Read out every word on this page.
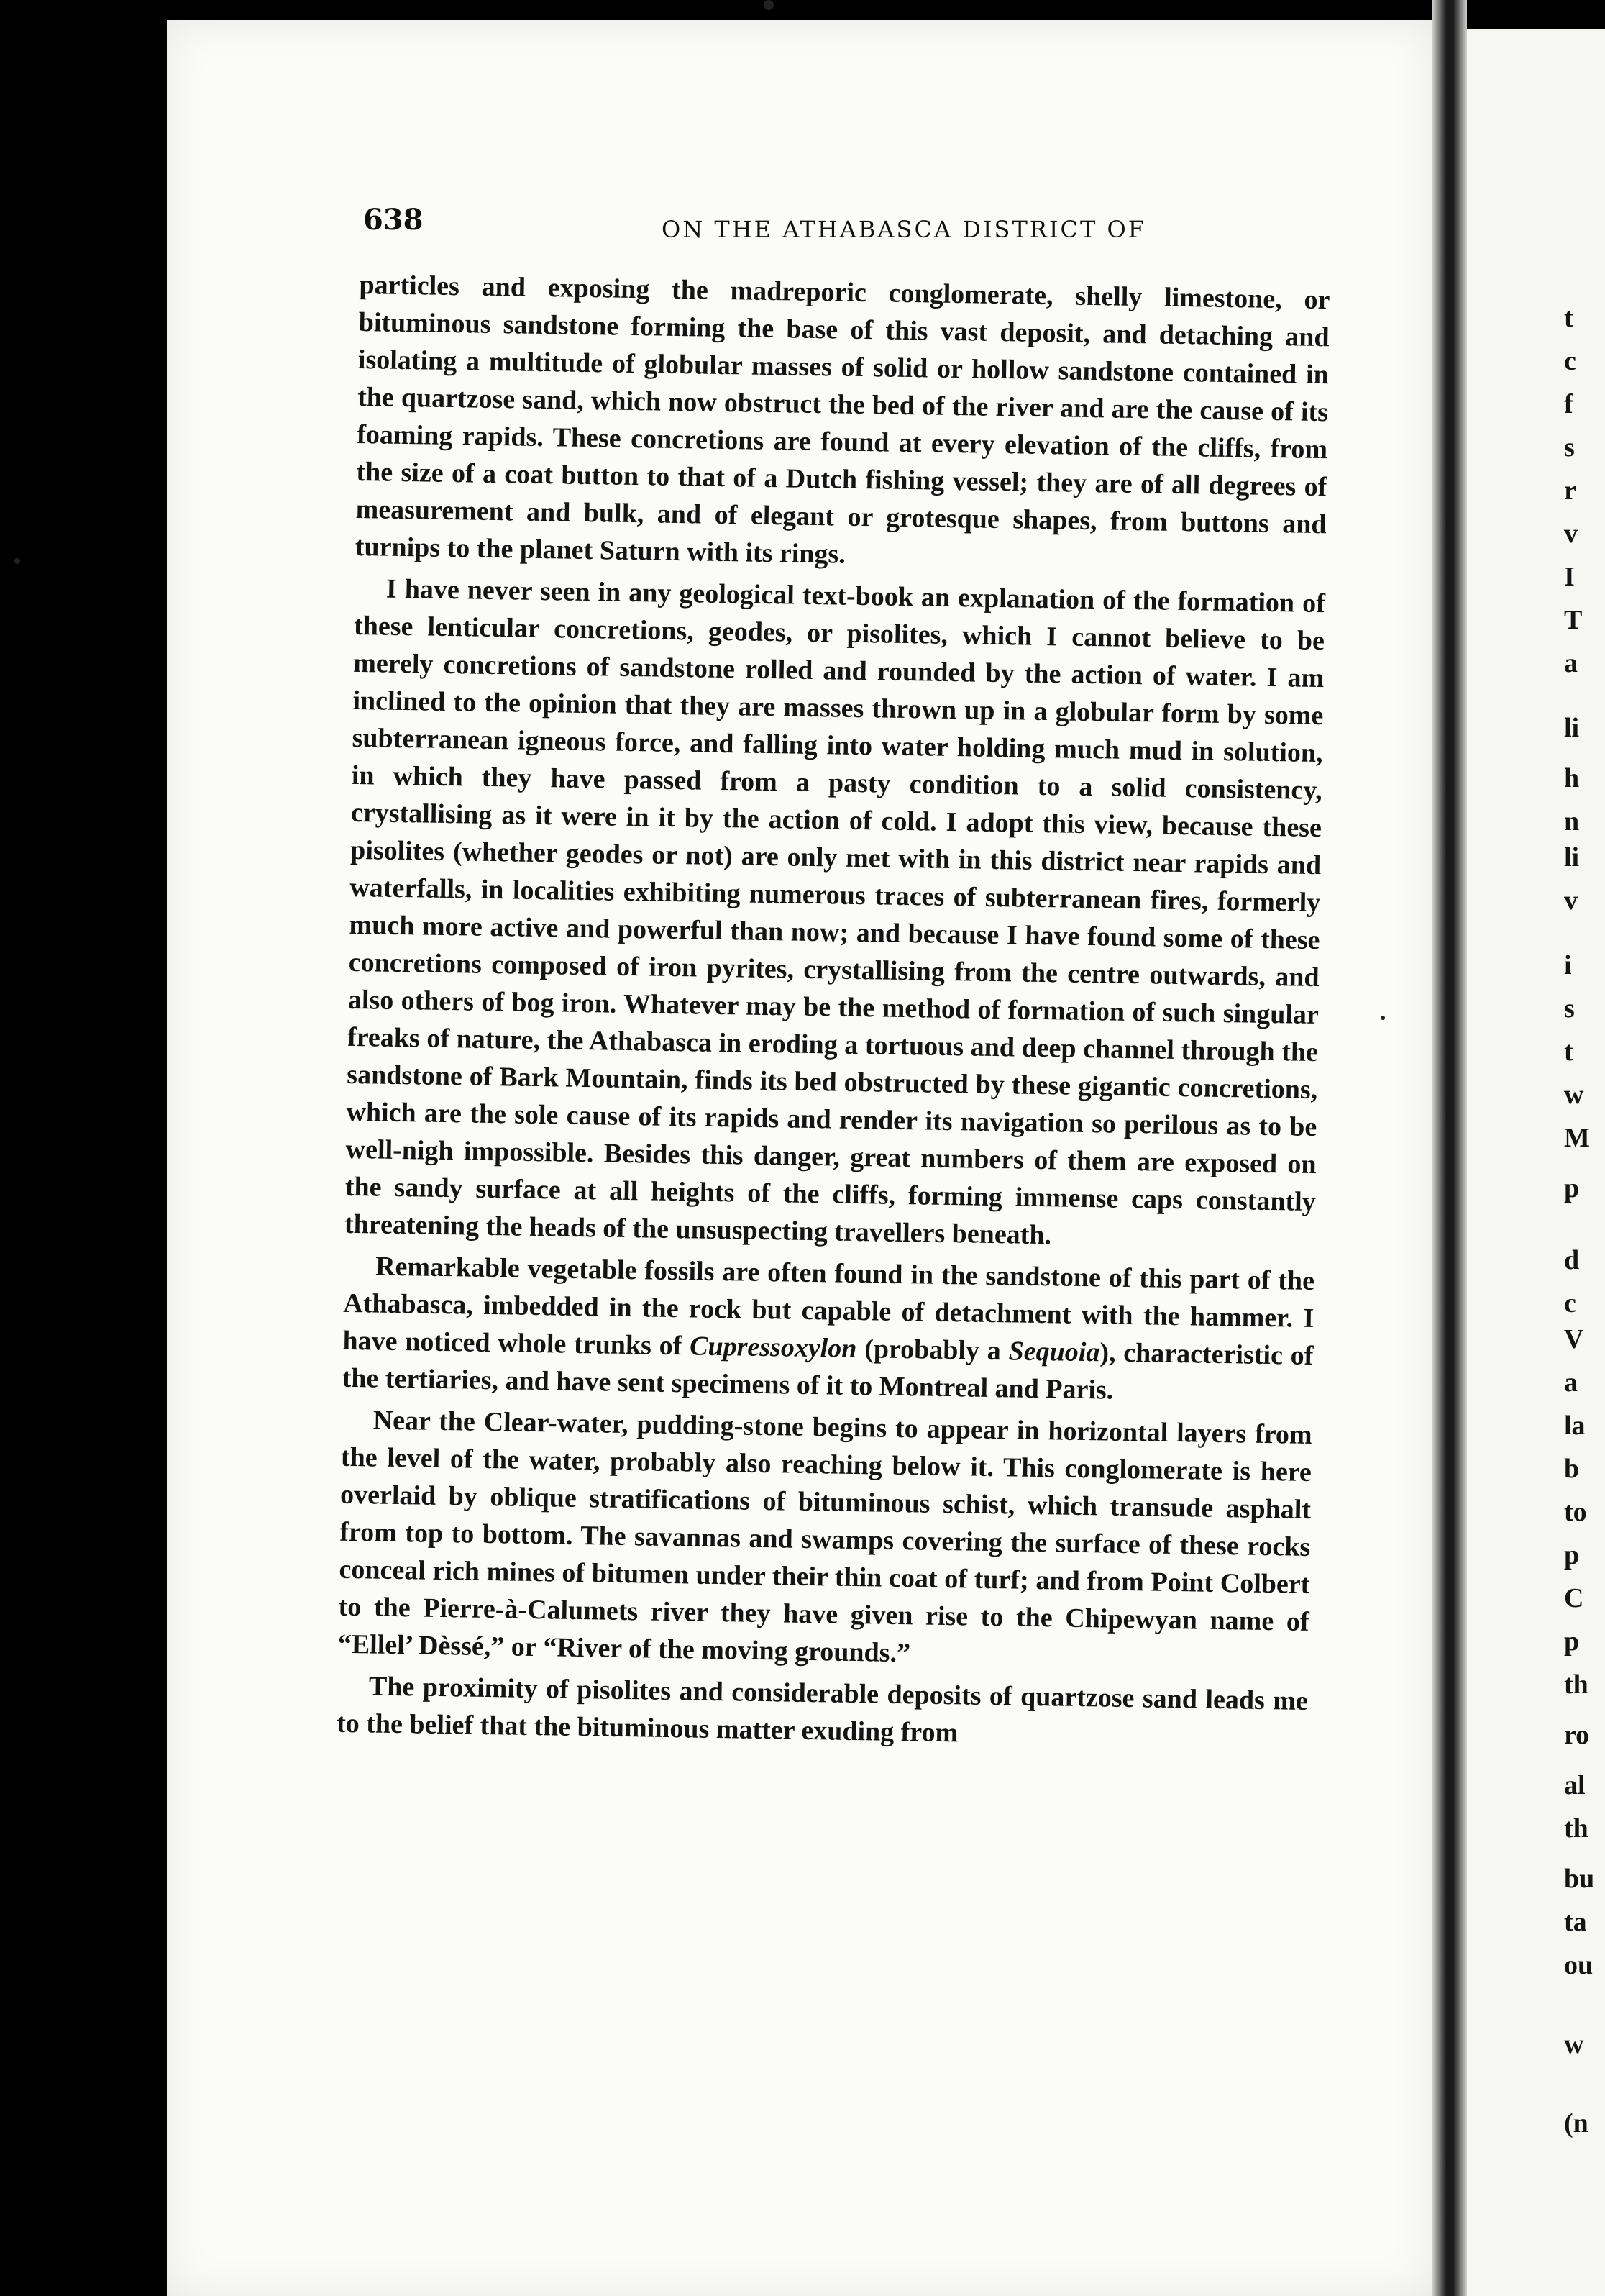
638	ON THE ATHABASCA DISTRICT OF

particles and exposing the madreporic conglomerate, shelly limestone, or bituminous sandstone forming the base of this vast deposit, and detaching and isolating a multitude of globular masses of solid or hollow sandstone contained in the quartzose sand, which now obstruct the bed of the river and are the cause of its foaming rapids. These concretions are found at every elevation of the cliffs, from the size of a coat button to that of a Dutch fishing vessel; they are of all degrees of measurement and bulk, and of elegant or grotesque shapes, from buttons and turnips to the planet Saturn with its rings.

I have never seen in any geological text-book an explanation of the formation of these lenticular concretions, geodes, or pisolites, which I cannot believe to be merely concretions of sandstone rolled and rounded by the action of water. I am inclined to the opinion that they are masses thrown up in a globular form by some subterranean igneous force, and falling into water holding much mud in solution, in which they have passed from a pasty condition to a solid consistency, crystallising as it were in it by the action of cold. I adopt this view, because these pisolites (whether geodes or not) are only met with in this district near rapids and waterfalls, in localities exhibiting numerous traces of subterranean fires, formerly much more active and powerful than now; and because I have found some of these concretions composed of iron pyrites, crystallising from the centre outwards, and also others of bog iron. Whatever may be the method of formation of such singular freaks of nature, the Athabasca in eroding a tortuous and deep channel through the sandstone of Bark Mountain, finds its bed obstructed by these gigantic concretions, which are the sole cause of its rapids and render its navigation so perilous as to be well-nigh impossible. Besides this danger, great numbers of them are exposed on the sandy surface at all heights of the cliffs, forming immense caps constantly threatening the heads of the unsuspecting travellers beneath.

Remarkable vegetable fossils are often found in the sandstone of this part of the Athabasca, imbedded in the rock but capable of detachment with the hammer. I have noticed whole trunks of Cupressoxylon (probably a Sequoia), characteristic of the tertiaries, and have sent specimens of it to Montreal and Paris.

Near the Clear-water, pudding-stone begins to appear in horizontal layers from the level of the water, probably also reaching below it. This conglomerate is here overlaid by oblique stratifications of bituminous schist, which transude asphalt from top to bottom. The savannas and swamps covering the surface of these rocks conceal rich mines of bitumen under their thin coat of turf; and from Point Colbert to the Pierre-à-Calumets river they have given rise to the Chipewyan name of “Ellel’ Dèssé,” or “River of the moving grounds.”

The proximity of pisolites and considerable deposits of quartzose sand leads me to the belief that the bituminous matter exuding from

t
c
f
s
r
v
I
T
a
li
h
n
li
v
i
s
t
w
M
p
d
c
V
a
la
b
to
p
C
p
th
ro
al
th
bu
ta
ou
w
(n
